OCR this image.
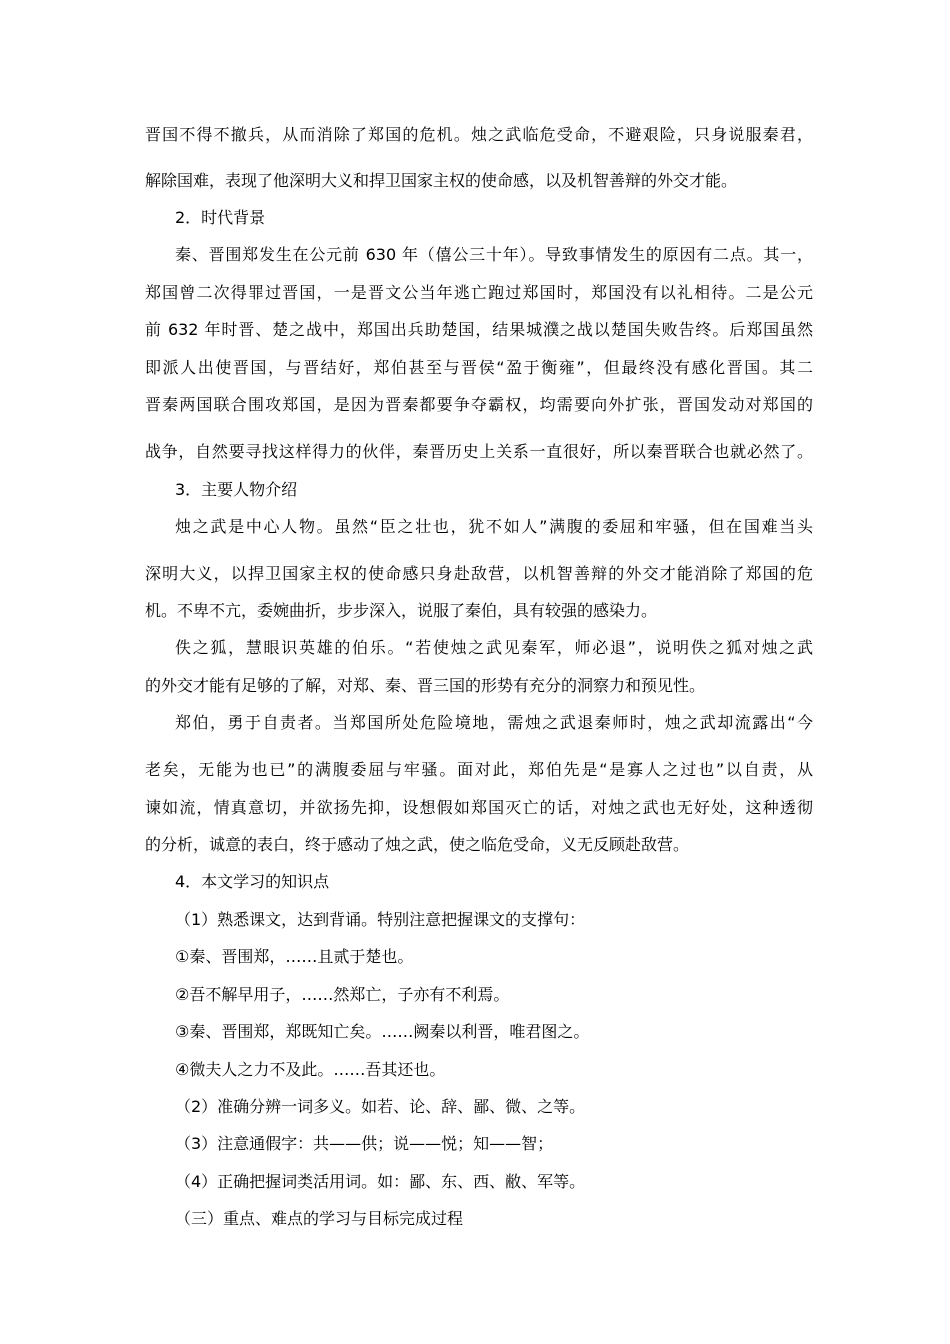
晋国不得不撤兵，从而消除了郑国的危机。烛之武临危受命，不避艰险，只身说服秦君，
解除国难，表现了他深明大义和捍卫国家主权的使命感，以及机智善辩的外交才能。
2．时代背景
秦、晋围郑发生在公元前 630 年（僖公三十年）。导致事情发生的原因有二点。其一，
郑国曾二次得罪过晋国，一是晋文公当年逃亡跑过郑国时，郑国没有以礼相待。二是公元
前 632 年时晋、楚之战中，郑国出兵助楚国，结果城濮之战以楚国失败告终。后郑国虽然
即派人出使晋国，与晋结好，郑伯甚至与晋侯“盈于衡雍”，但最终没有感化晋国。其二
晋秦两国联合围攻郑国，是因为晋秦都要争夺霸权，均需要向外扩张，晋国发动对郑国的
战争，自然要寻找这样得力的伙伴，秦晋历史上关系一直很好，所以秦晋联合也就必然了。
3．主要人物介绍
烛之武是中心人物。虽然“臣之壮也，犹不如人”满腹的委屈和牢骚，但在国难当头
深明大义，以捍卫国家主权的使命感只身赴敌营，以机智善辩的外交才能消除了郑国的危
机。不卑不亢，委婉曲折，步步深入，说服了秦伯，具有较强的感染力。
佚之狐，慧眼识英雄的伯乐。“若使烛之武见秦军，师必退”，说明佚之狐对烛之武
的外交才能有足够的了解，对郑、秦、晋三国的形势有充分的洞察力和预见性。
郑伯，勇于自责者。当郑国所处危险境地，需烛之武退秦师时，烛之武却流露出“今
老矣，无能为也已”的满腹委屈与牢骚。面对此，郑伯先是“是寡人之过也”以自责，从
谏如流，情真意切，并欲扬先抑，设想假如郑国灭亡的话，对烛之武也无好处，这种透彻
的分析，诚意的表白，终于感动了烛之武，使之临危受命，义无反顾赴敌营。
4．本文学习的知识点
（1）熟悉课文，达到背诵。特别注意把握课文的支撑句：
①秦、晋围郑，……且贰于楚也。
②吾不解早用子，……然郑亡，子亦有不利焉。
③秦、晋围郑，郑既知亡矣。……阙秦以利晋，唯君图之。
④微夫人之力不及此。……吾其还也。
（2）准确分辨一词多义。如若、论、辞、鄙、微、之等。
（3）注意通假字：共——供；说——悦；知——智；
（4）正确把握词类活用词。如：鄙、东、西、敝、军等。
（三）重点、难点的学习与目标完成过程
